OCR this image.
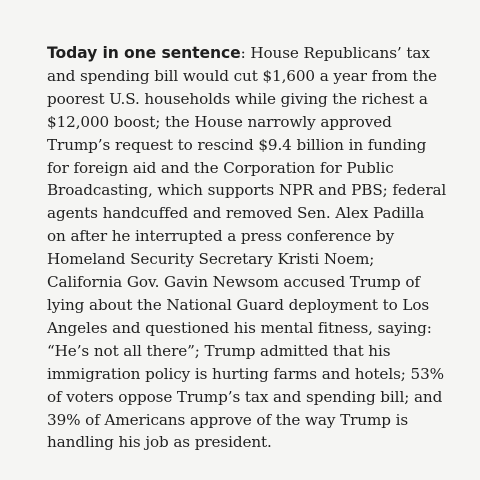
Today in one sentence: House Republicans’ tax and spending bill would cut $1,600 a year from the poorest U.S. households while giving the richest a $12,000 boost; the House narrowly approved Trump’s request to rescind $9.4 billion in funding for foreign aid and the Corporation for Public Broadcasting, which supports NPR and PBS; federal agents handcuffed and removed Sen. Alex Padilla on after he interrupted a press conference by Homeland Security Secretary Kristi Noem; California Gov. Gavin Newsom accused Trump of lying about the National Guard deployment to Los Angeles and questioned his mental fitness, saying: “He’s not all there”; Trump admitted that his immigration policy is hurting farms and hotels; 53% of voters oppose Trump’s tax and spending bill; and 39% of Americans approve of the way Trump is handling his job as president.
